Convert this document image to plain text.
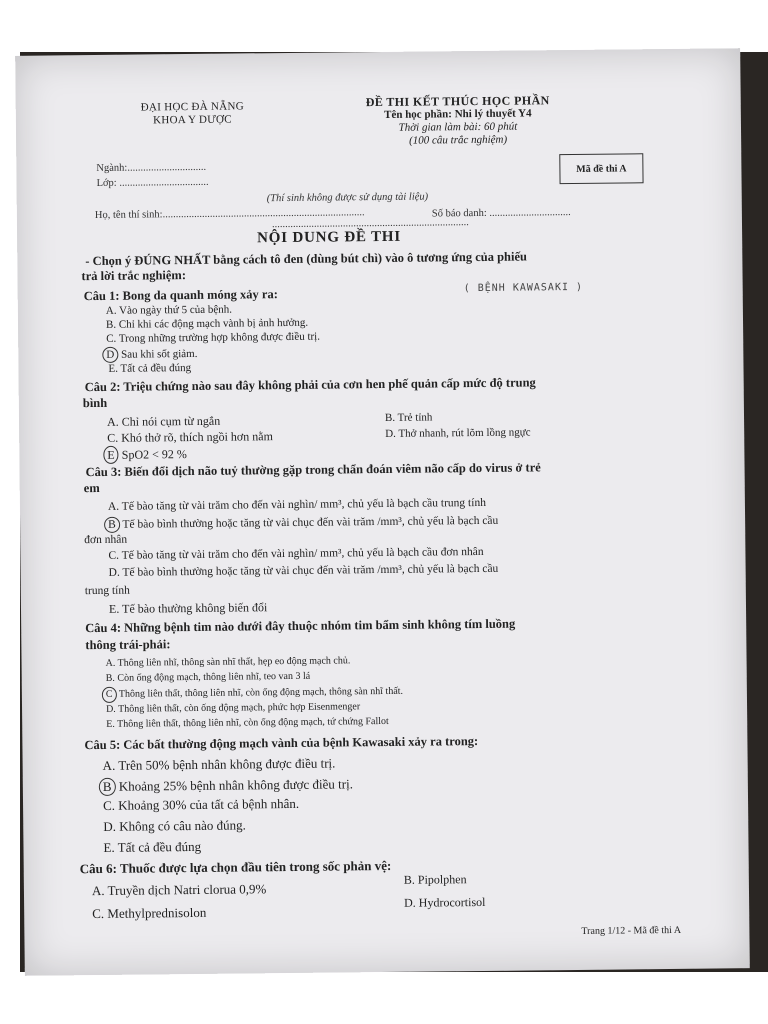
ĐẠI HỌC ĐÀ NẴNG
KHOA Y DƯỢC
ĐỀ THI KẾT THÚC HỌC PHẦN
Tên học phần: Nhi lý thuyết Y4
Thời gian làm bài: 60 phút
(100 câu trắc nghiệm)
Mã đề thi A
Ngành:..............................
Lớp: ..................................
(Thí sinh không được sử dụng tài liệu)
Họ, tên thí sinh:.............................................................................	Số báo danh: ...............................
...........................................................................
NỘI DUNG ĐỀ THI
- Chọn ý ĐÚNG NHẤT bằng cách tô đen (dùng bút chì) vào ô tương ứng của phiếu
trả lời trắc nghiệm:
Câu 1: Bong da quanh móng xảy ra:	( BỆNH KAWASAKI )
A. Vào ngày thứ 5 của bệnh.
B. Chỉ khi các động mạch vành bị ảnh hưởng.
C. Trong những trường hợp không được điều trị.
D Sau khi sốt giảm.
E. Tất cả đều đúng
Câu 2: Triệu chứng nào sau đây không phải của cơn hen phế quản cấp mức độ trung
bình
A. Chỉ nói cụm từ ngắn	B. Trẻ tỉnh
C. Khó thở rõ, thích ngồi hơn nằm	D. Thở nhanh, rút lõm lồng ngực
E SpO2 < 92 %
Câu 3: Biến đổi dịch não tuỷ thường gặp trong chẩn đoán viêm não cấp do virus ở trẻ
em
A. Tế bào tăng từ vài trăm cho đến vài nghìn/ mm³, chủ yếu là bạch cầu trung tính
B Tế bào bình thường hoặc tăng từ vài chục đến vài trăm /mm³, chủ yếu là bạch cầu
đơn nhân
C. Tế bào tăng từ vài trăm cho đến vài nghìn/ mm³, chủ yếu là bạch cầu đơn nhân
D. Tế bào bình thường hoặc tăng từ vài chục đến vài trăm /mm³, chủ yếu là bạch cầu
trung tính
E. Tế bào thường không biến đổi
Câu 4: Những bệnh tim nào dưới đây thuộc nhóm tim bẩm sinh không tím luồng
thông trái-phải:
A. Thông liên nhĩ, thông sàn nhĩ thất, hẹp eo động mạch chủ.
B. Còn ống động mạch, thông liên nhĩ, teo van 3 lá
C Thông liên thất, thông liên nhĩ, còn ống động mạch, thông sàn nhĩ thất.
D. Thông liên thất, còn ống động mạch, phức hợp Eisenmenger
E. Thông liên thất, thông liên nhĩ, còn ống động mạch, tứ chứng Fallot
Câu 5: Các bất thường động mạch vành của bệnh Kawasaki xảy ra trong:
A. Trên 50% bệnh nhân không được điều trị.
B Khoảng 25% bệnh nhân không được điều trị.
C. Khoảng 30% của tất cả bệnh nhân.
D. Không có câu nào đúng.
E. Tất cả đều đúng
Câu 6: Thuốc được lựa chọn đầu tiên trong sốc phản vệ:
A. Truyền dịch Natri clorua 0,9%
B. Pipolphen
C. Methylprednisolon
D. Hydrocortisol
Trang 1/12 - Mã đề thi A
